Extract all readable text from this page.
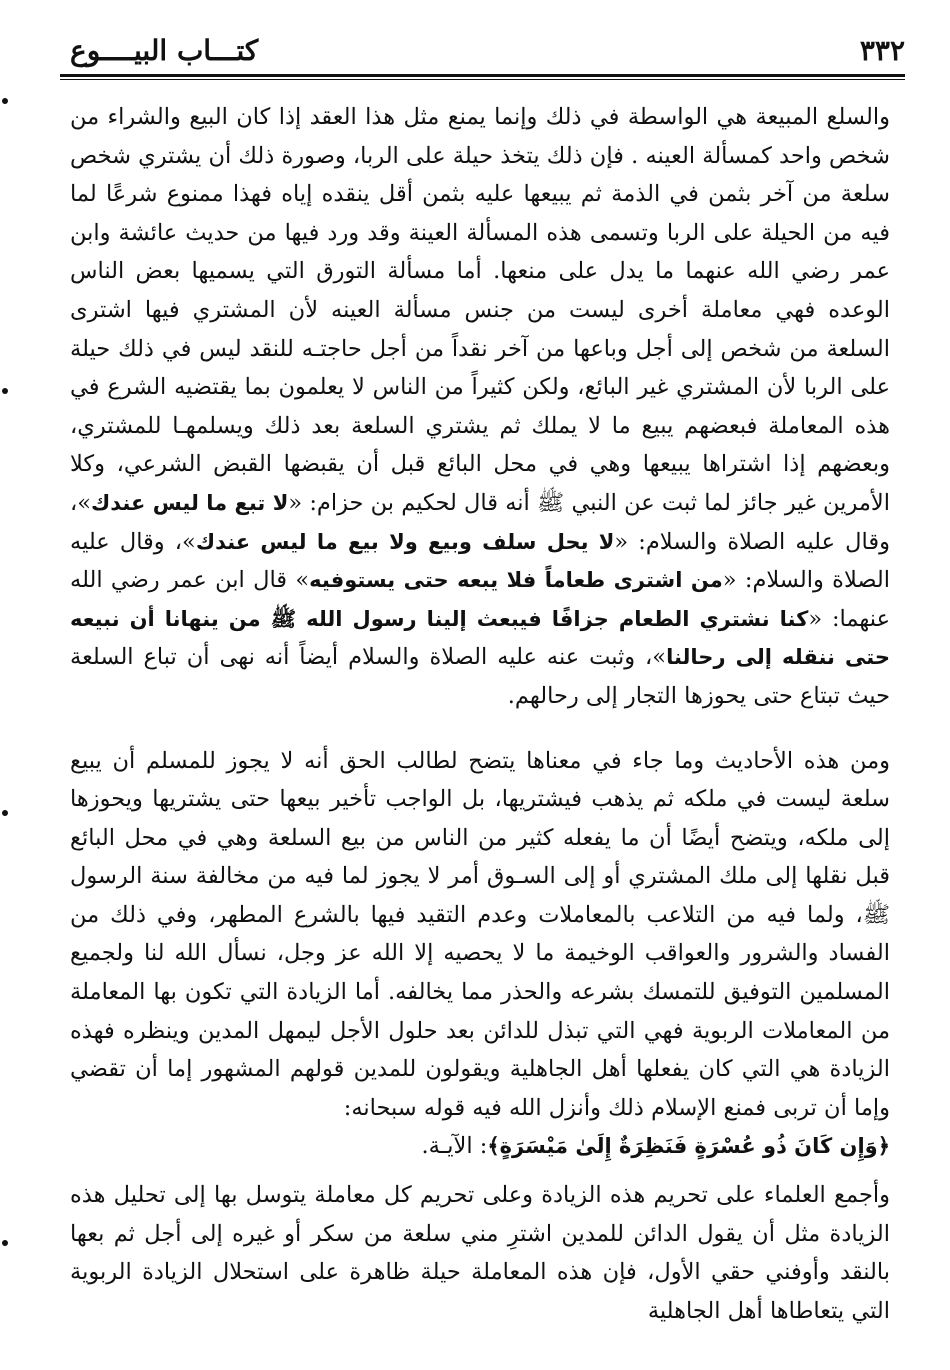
٣٣٢
كتـــاب البيــــوع

والسلع المبيعة هي الواسطة في ذلك وإنما يمنع مثل هذا العقد إذا كان البيع والشراء من شخص واحد كمسألة العينه . فإن ذلك يتخذ حيلة على الربا، وصورة ذلك أن يشتري شخص سلعة من آخر بثمن في الذمة ثم يبيعها عليه بثمن أقل ينقده إياه فهذا ممنوع شرعًا لما فيه من الحيلة على الربا وتسمى هذه المسألة العينة وقد ورد فيها من حديث عائشة وابن عمر رضي الله عنهما ما يدل على منعها. أما مسألة التورق التي يسميها بعض الناس الوعده فهي معاملة أخرى ليست من جنس مسألة العينه لأن المشتري فيها اشترى السلعة من شخص إلى أجل وباعها من آخر نقداً من أجل حاجتـه للنقد ليس في ذلك حيلة على الربا لأن المشتري غير البائع، ولكن كثيراً من الناس لا يعلمون بما يقتضيه الشرع في هذه المعاملة فبعضهم يبيع ما لا يملك ثم يشتري السلعة بعد ذلك ويسلمهـا للمشتري، وبعضهم إذا اشتراها يبيعها وهي في محل البائع قبل أن يقبضها القبض الشرعي، وكلا الأمرين غير جائز لما ثبت عن النبي ﷺ أنه قال لحكيم بن حزام: «لا تبع ما ليس عندك»، وقال عليه الصلاة والسلام: «لا يحل سلف وبيع ولا بيع ما ليس عندك»، وقال عليه الصلاة والسلام: «من اشترى طعاماً فلا يبعه حتى يستوفيه» قال ابن عمر رضي الله عنهما: «كنا نشتري الطعام جزافًا فيبعث إلينا رسول الله ﷺ من ينهانا أن نبيعه حتى ننقله إلى رحالنا»، وثبت عنه عليه الصلاة والسلام أيضاً أنه نهى أن تباع السلعة حيث تبتاع حتى يحوزها التجار إلى رحالهم.

ومن هذه الأحاديث وما جاء في معناها يتضح لطالب الحق أنه لا يجوز للمسلم أن يبيع سلعة ليست في ملكه ثم يذهب فيشتريها، بل الواجب تأخير بيعها حتى يشتريها ويحوزها إلى ملكه، ويتضح أيضًا أن ما يفعله كثير من الناس من بيع السلعة وهي في محل البائع قبل نقلها إلى ملك المشتري أو إلى السـوق أمر لا يجوز لما فيه من مخالفة سنة الرسول ﷺ، ولما فيه من التلاعب بالمعاملات وعدم التقيد فيها بالشرع المطهر، وفي ذلك من الفساد والشرور والعواقب الوخيمة ما لا يحصيه إلا الله عز وجل، نسأل الله لنا ولجميع المسلمين التوفيق للتمسك بشرعه والحذر مما يخالفه. أما الزيادة التي تكون بها المعاملة من المعاملات الربوية فهي التي تبذل للدائن بعد حلول الأجل ليمهل المدين وينظره فهذه الزيادة هي التي كان يفعلها أهل الجاهلية ويقولون للمدين قولهم المشهور إما أن تقضي وإما أن تربى فمنع الإسلام ذلك وأنزل الله فيه قوله سبحانه:

﴿وَإِن كَانَ ذُو عُسْرَةٍ فَنَظِرَةٌ إِلَىٰ مَيْسَرَةٍ﴾: الآيـة.

وأجمع العلماء على تحريم هذه الزيادة وعلى تحريم كل معاملة يتوسل بها إلى تحليل هذه الزيادة مثل أن يقول الدائن للمدين اشترِ مني سلعة من سكر أو غيره إلى أجل ثم بعها بالنقد وأوفني حقي الأول، فإن هذه المعاملة حيلة ظاهرة على استحلال الزيادة الربوية التي يتعاطاها أهل الجاهلية
